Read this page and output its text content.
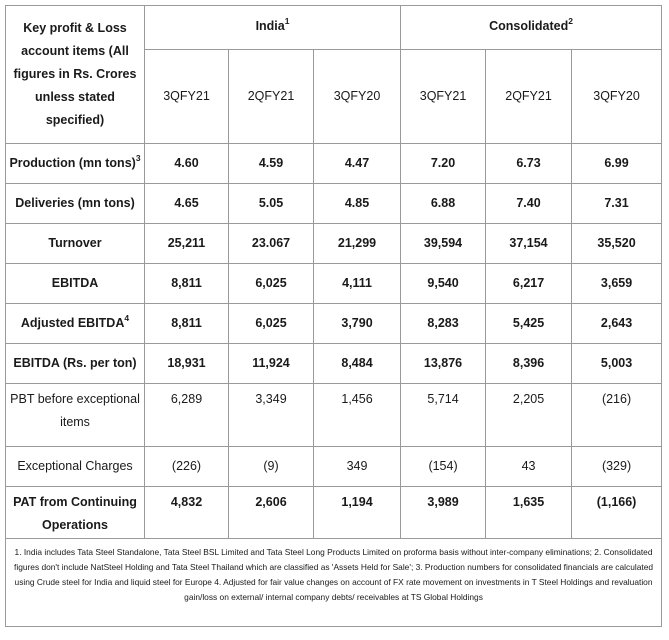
Key profit & Loss account items (All figures in Rs. Crores unless stated specified)	India$^1$			Consolidated$^2$
	3QFY21	2QFY21	3QFY20	3QFY21	2QFY21	3QFY20
Production (mn tons)$^3$	4.60	4.59	4.47	7.20	6.73	6.99
Deliveries (mn tons)	4.65	5.05	4.85	6.88	7.40	7.31
Turnover	25,211	23.067	21,299	39,594	37,154	35,520
EBITDA	8,811	6,025	4,111	9,540	6,217	3,659
Adjusted EBITDA$^4$	8,811	6,025	3,790	8,283	5,425	2,643
EBITDA (Rs. per ton)	18,931	11,924	8,484	13,876	8,396	5,003
PBT before exceptional items	6,289	3,349	1,456	5,714	2,205	(216)
Exceptional Charges	(226)	(9)	349	(154)	43	(329)
PAT from Continuing Operations	4,832	2,606	1,194	3,989	1,635	(1,166)
1. India includes Tata Steel Standalone, Tata Steel BSL Limited and Tata Steel Long Products Limited on proforma basis without inter-company eliminations; 2. Consolidated figures don't include NatSteel Holding and Tata Steel Thailand which are classified as 'Assets Held for Sale'; 3. Production numbers for consolidated financials are calculated using Crude steel for India and liquid steel for Europe 4. Adjusted for fair value changes on account of FX rate movement on investments in T Steel Holdings and revaluation gain/loss on external/ internal company debts/ receivables at TS Global Holdings						
